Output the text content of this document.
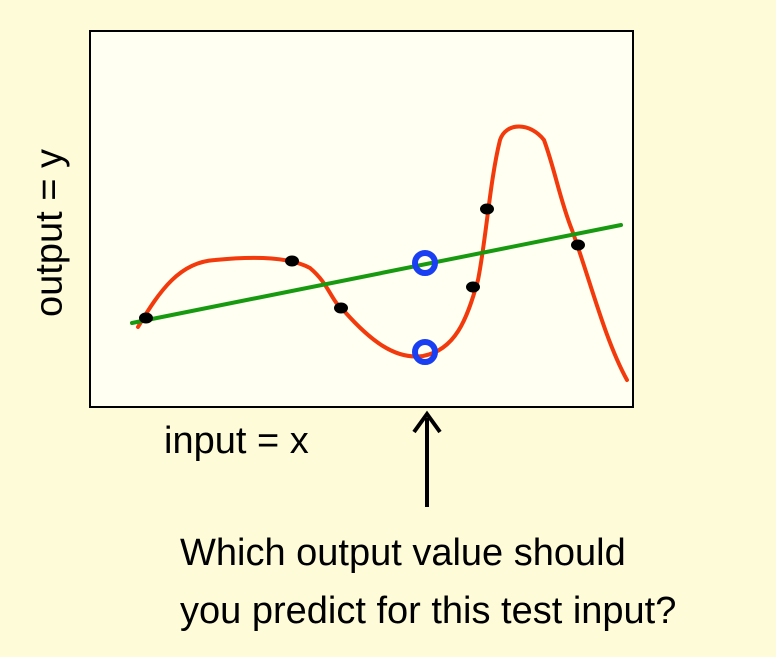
output = y
input = x
Which output value should
you predict for this test input?
